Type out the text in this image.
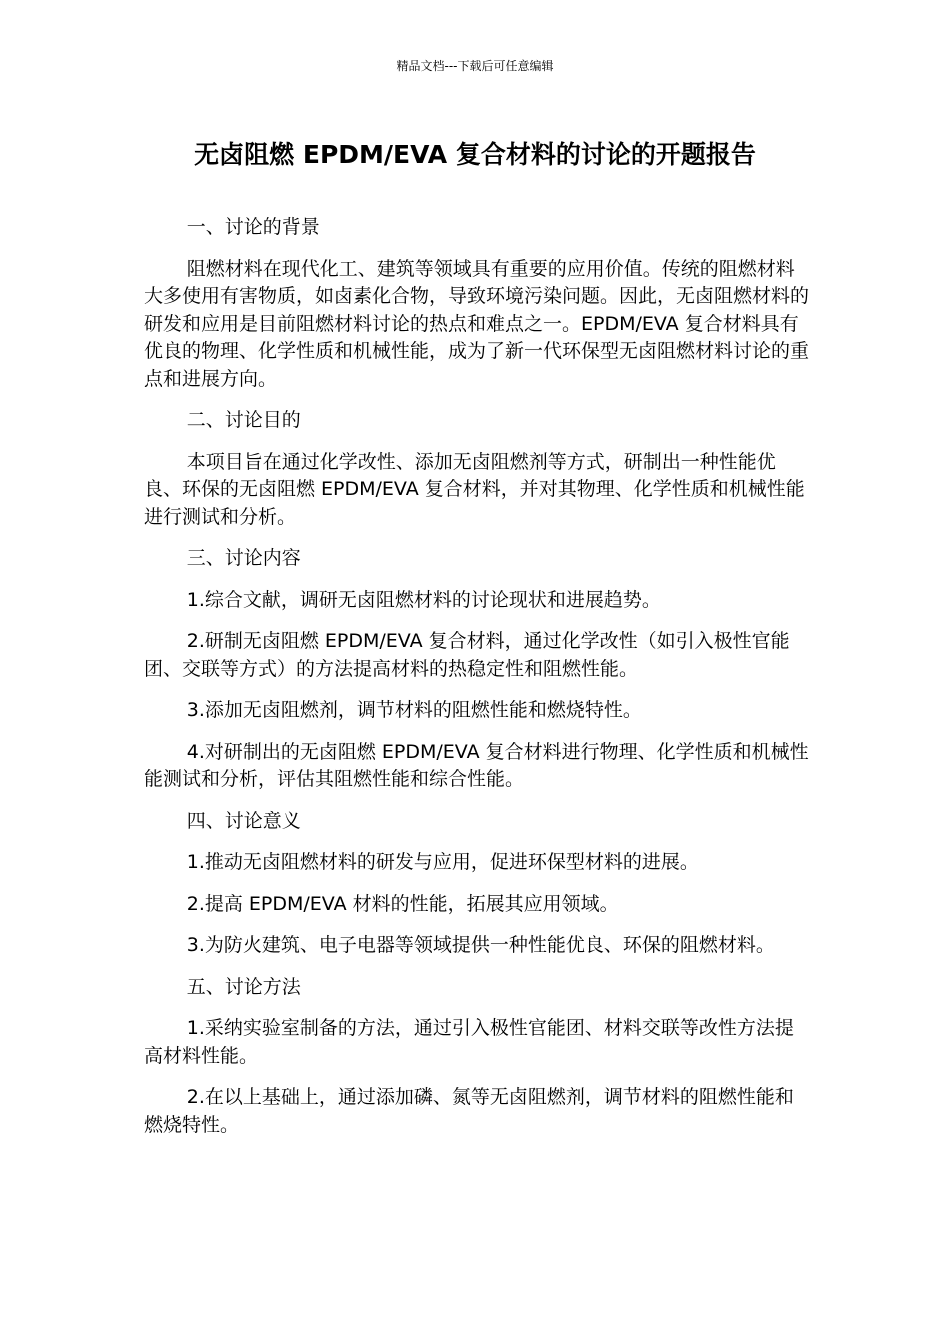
精品文档---下载后可任意编辑
无卤阻燃 EPDM/EVA 复合材料的讨论的开题报告

一、讨论的背景

阻燃材料在现代化工、建筑等领域具有重要的应用价值。传统的阻燃材料大多使用有害物质，如卤素化合物，导致环境污染问题。因此，无卤阻燃材料的研发和应用是目前阻燃材料讨论的热点和难点之一。EPDM/EVA 复合材料具有优良的物理、化学性质和机械性能，成为了新一代环保型无卤阻燃材料讨论的重点和进展方向。

二、讨论目的

本项目旨在通过化学改性、添加无卤阻燃剂等方式，研制出一种性能优良、环保的无卤阻燃 EPDM/EVA 复合材料，并对其物理、化学性质和机械性能进行测试和分析。

三、讨论内容

1.综合文献，调研无卤阻燃材料的讨论现状和进展趋势。

2.研制无卤阻燃 EPDM/EVA 复合材料，通过化学改性（如引入极性官能团、交联等方式）的方法提高材料的热稳定性和阻燃性能。

3.添加无卤阻燃剂，调节材料的阻燃性能和燃烧特性。

4.对研制出的无卤阻燃 EPDM/EVA 复合材料进行物理、化学性质和机械性能测试和分析，评估其阻燃性能和综合性能。

四、讨论意义

1.推动无卤阻燃材料的研发与应用，促进环保型材料的进展。

2.提高 EPDM/EVA 材料的性能，拓展其应用领域。

3.为防火建筑、电子电器等领域提供一种性能优良、环保的阻燃材料。

五、讨论方法

1.采纳实验室制备的方法，通过引入极性官能团、材料交联等改性方法提高材料性能。

2.在以上基础上，通过添加磷、氮等无卤阻燃剂，调节材料的阻燃性能和燃烧特性。
